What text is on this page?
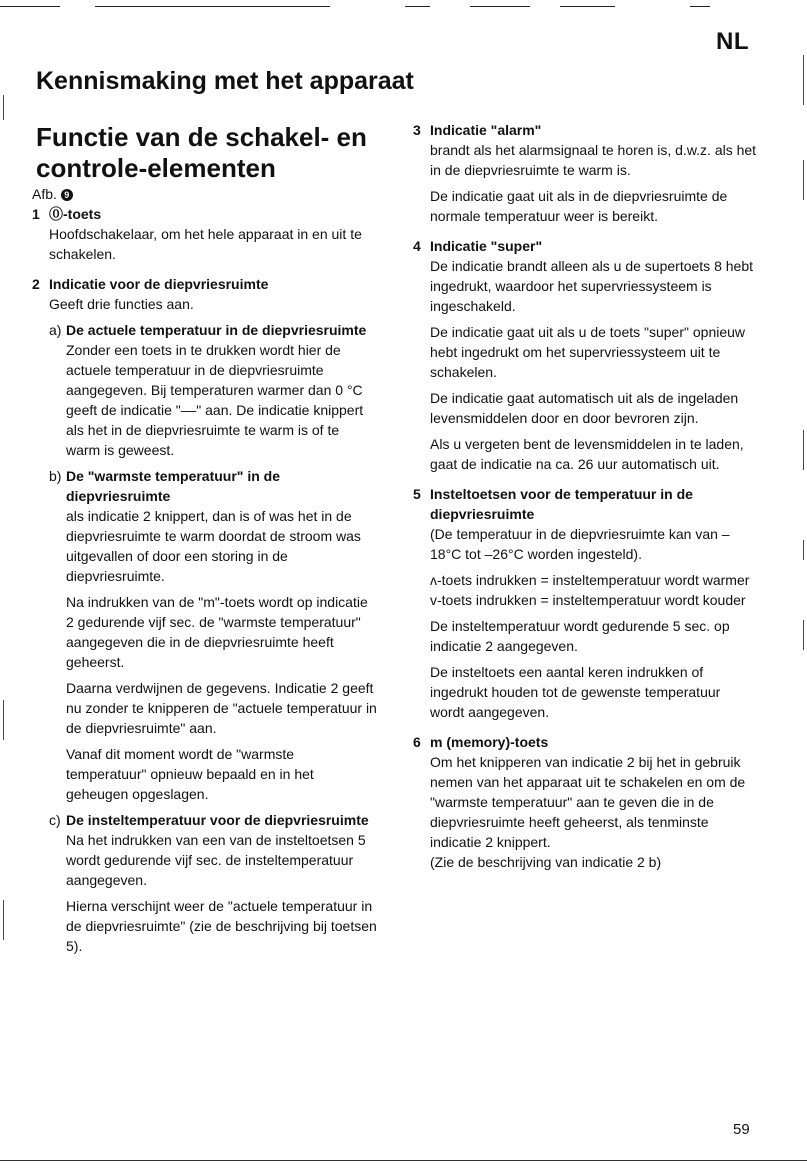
NL
Kennismaking met het apparaat
Functie van de schakel- en controle-elementen

Afb. 9

1 ⓪-toets

Hoofdschakelaar, om het hele apparaat in en uit te schakelen.

2 Indicatie voor de diepvriesruimte

Geeft drie functies aan.

a) De actuele temperatuur in de diepvriesruimte

Zonder een toets in te drukken wordt hier de actuele temperatuur in de diepvriesruimte aangegeven. Bij temperaturen warmer dan 0 °C geeft de indicatie "––" aan. De indicatie knippert als het in de diepvriesruimte te warm is of te warm is geweest.

b) De "warmste temperatuur" in de diepvriesruimte

als indicatie 2 knippert, dan is of was het in de diepvriesruimte te warm doordat de stroom was uitgevallen of door een storing in de diepvriesruimte.

Na indrukken van de "m"-toets wordt op indicatie 2 gedurende vijf sec. de "warmste temperatuur" aangegeven die in de diepvriesruimte heeft geheerst.

Daarna verdwijnen de gegevens. Indicatie 2 geeft nu zonder te knipperen de "actuele temperatuur in de diepvriesruimte" aan.

Vanaf dit moment wordt de "warmste temperatuur" opnieuw bepaald en in het geheugen opgeslagen.

c) De insteltemperatuur voor de diepvriesruimte

Na het indrukken van een van de insteltoetsen 5 wordt gedurende vijf sec. de insteltemperatuur aangegeven.

Hierna verschijnt weer de "actuele temperatuur in de diepvriesruimte" (zie de beschrijving bij toetsen 5).

3 Indicatie "alarm"

brandt als het alarmsignaal te horen is, d.w.z. als het in de diepvriesruimte te warm is.

De indicatie gaat uit als in de diepvriesruimte de normale temperatuur weer is bereikt.

4 Indicatie "super"

De indicatie brandt alleen als u de supertoets 8 hebt ingedrukt, waardoor het supervriessysteem is ingeschakeld.

De indicatie gaat uit als u de toets "super" opnieuw hebt ingedrukt om het supervriessysteem uit te schakelen.

De indicatie gaat automatisch uit als de ingeladen levensmiddelen door en door bevroren zijn.

Als u vergeten bent de levensmiddelen in te laden, gaat de indicatie na ca. 26 uur automatisch uit.

5 Insteltoetsen voor de temperatuur in de diepvriesruimte

(De temperatuur in de diepvriesruimte kan van –18°C tot –26°C worden ingesteld).

ʌ-toets indrukken = insteltemperatuur wordt warmer

v-toets indrukken = insteltemperatuur wordt kouder

De insteltemperatuur wordt gedurende 5 sec. op indicatie 2 aangegeven.

De insteltoets een aantal keren indrukken of ingedrukt houden tot de gewenste temperatuur wordt aangegeven.

6 m (memory)-toets

Om het knipperen van indicatie 2 bij het in gebruik nemen van het apparaat uit te schakelen en om de "warmste temperatuur" aan te geven die in de diepvriesruimte heeft geheerst, als tenminste indicatie 2 knippert.

(Zie de beschrijving van indicatie 2 b)

59
